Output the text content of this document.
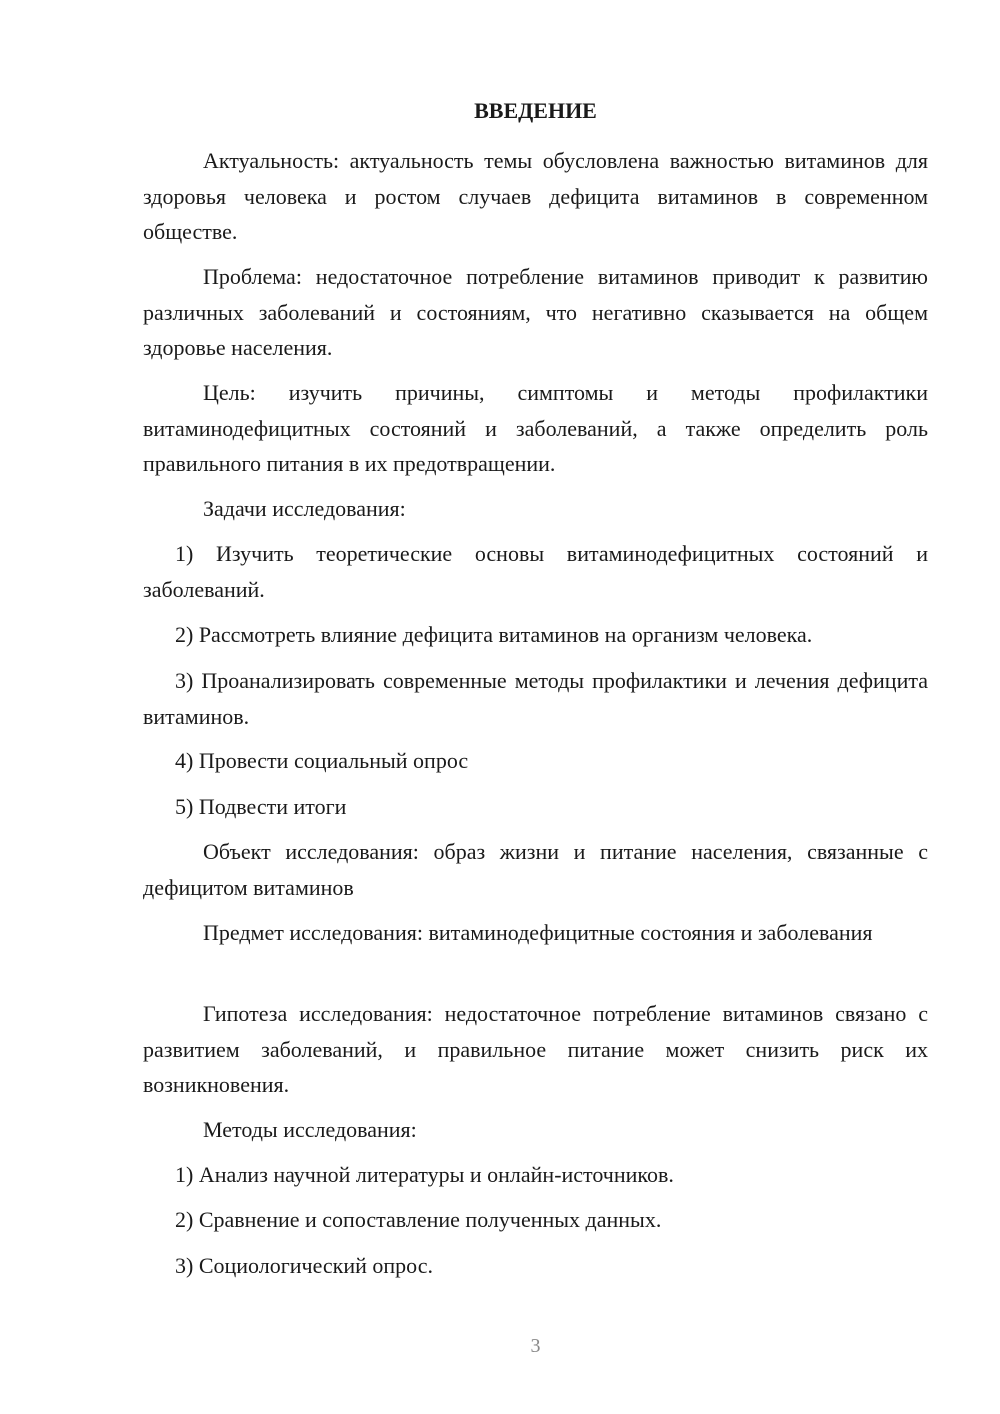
ВВЕДЕНИЕ

Актуальность: актуальность темы обусловлена важностью витаминов для здоровья человека и ростом случаев дефицита витаминов в современном обществе.

Проблема: недостаточное потребление витаминов приводит к развитию различных заболеваний и состояниям, что негативно сказывается на общем здоровье населения.

Цель: изучить причины, симптомы и методы профилактики витаминодефицитных состояний и заболеваний, а также определить роль правильного питания в их предотвращении.

Задачи исследования:

1) Изучить теоретические основы витаминодефицитных состояний и заболеваний.

2) Рассмотреть влияние дефицита витаминов на организм человека.

3) Проанализировать современные методы профилактики и лечения дефицита витаминов.

4) Провести социальный опрос

5) Подвести итоги

Объект исследования: образ жизни и питание населения, связанные с дефицитом витаминов

Предмет исследования: витаминодефицитные состояния и заболевания

Гипотеза исследования: недостаточное потребление витаминов связано с развитием заболеваний, и правильное питание может снизить риск их возникновения.

Методы исследования:

1) Анализ научной литературы и онлайн-источников.

2) Сравнение и сопоставление полученных данных.

3) Социологический опрос.

3
